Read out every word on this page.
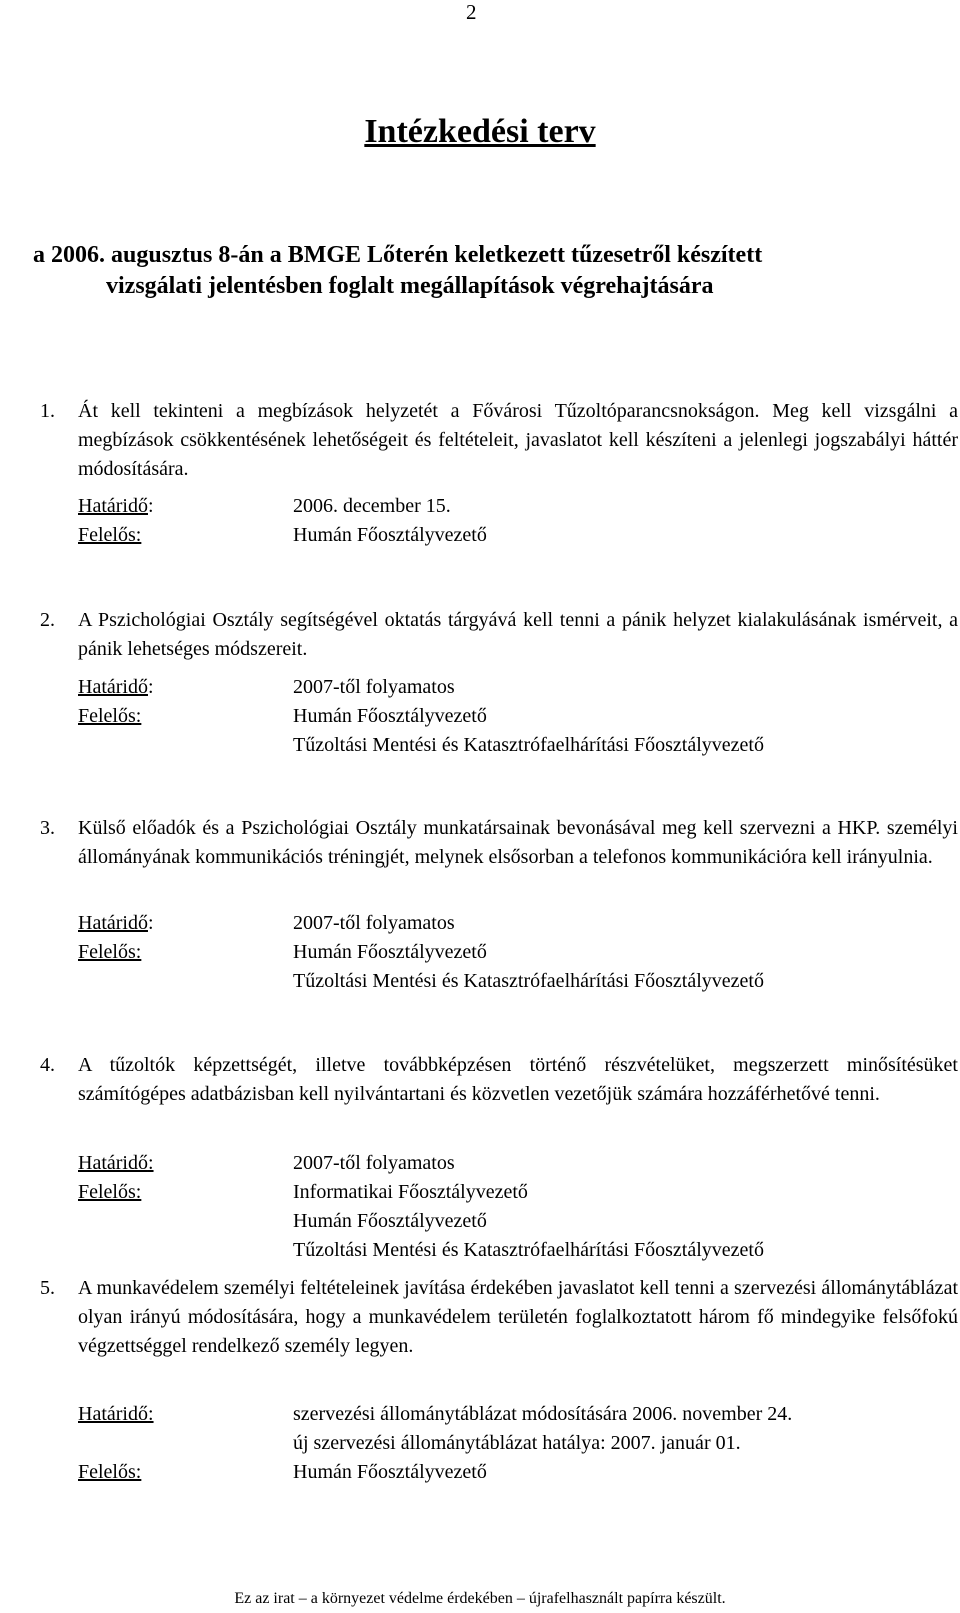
2
Intézkedési terv
a 2006. augusztus 8-án a BMGE Lőterén keletkezett tűzesetről készített
vizsgálati jelentésben foglalt megállapítások végrehajtására
1. Át kell tekinteni a megbízások helyzetét a Fővárosi Tűzoltóparancsnokságon. Meg kell vizsgálni a megbízások csökkentésének lehetőségeit és feltételeit, javaslatot kell készíteni a jelenlegi jogszabályi háttér módosítására.
Határidő:	2006. december 15.
Felelős:	Humán Főosztályvezető
2. A Pszichológiai Osztály segítségével oktatás tárgyává kell tenni a pánik helyzet kialakulásának ismérveit, a pánik lehetséges módszereit.
Határidő:	2007-től folyamatos
Felelős:	Humán Főosztályvezető
Tűzoltási Mentési és Katasztrófaelhárítási Főosztályvezető
3. Külső előadók és a Pszichológiai Osztály munkatársainak bevonásával meg kell szervezni a HKP. személyi állományának kommunikációs tréningjét, melynek elsősorban a telefonos kommunikációra kell irányulnia.
Határidő:	2007-től folyamatos
Felelős:	Humán Főosztályvezető
Tűzoltási Mentési és Katasztrófaelhárítási Főosztályvezető
4. A tűzoltók képzettségét, illetve továbbképzésen történő részvételüket, megszerzett minősítésüket számítógépes adatbázisban kell nyilvántartani és közvetlen vezetőjük számára hozzáférhetővé tenni.
Határidő:	2007-től folyamatos
Felelős:	Informatikai Főosztályvezető
Humán Főosztályvezető
Tűzoltási Mentési és Katasztrófaelhárítási Főosztályvezető
5. A munkavédelem személyi feltételeinek javítása érdekében javaslatot kell tenni a szervezési állománytáblázat olyan irányú módosítására, hogy a munkavédelem területén foglalkoztatott három fő mindegyike felsőfokú végzettséggel rendelkező személy legyen.
Határidő:	szervezési állománytáblázat módosítására 2006. november 24.
új szervezési állománytáblázat hatálya: 2007. január 01.
Felelős:	Humán Főosztályvezető
Ez az irat – a környezet védelme érdekében – újrafelhasznált papírra készült.
